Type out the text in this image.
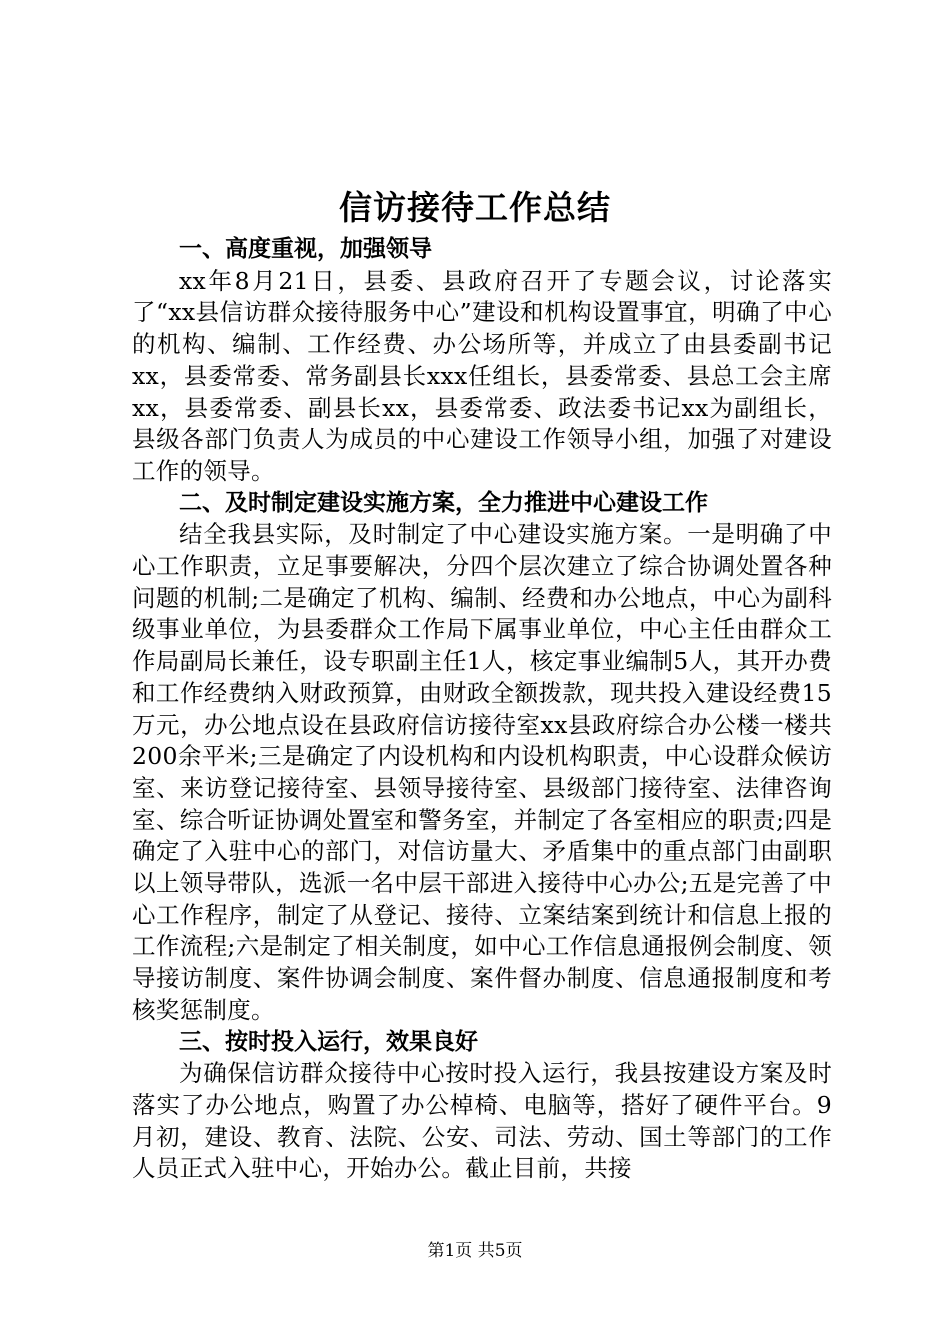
信访接待工作总结

一、高度重视，加强领导

xx年8月21日，县委、县政府召开了专题会议，讨论落实了“xx县信访群众接待服务中心”建设和机构设置事宜，明确了中心的机构、编制、工作经费、办公场所等，并成立了由县委副书记xx，县委常委、常务副县长xxx任组长，县委常委、县总工会主席xx，县委常委、副县长xx，县委常委、政法委书记xx为副组长，县级各部门负责人为成员的中心建设工作领导小组，加强了对建设工作的领导。

二、及时制定建设实施方案，全力推进中心建设工作

结全我县实际，及时制定了中心建设实施方案。一是明确了中心工作职责，立足事要解决，分四个层次建立了综合协调处置各种问题的机制;二是确定了机构、编制、经费和办公地点，中心为副科级事业单位，为县委群众工作局下属事业单位，中心主任由群众工作局副局长兼任，设专职副主任1人，核定事业编制5人，其开办费和工作经费纳入财政预算，由财政全额拨款，现共投入建设经费15万元，办公地点设在县政府信访接待室xx县政府综合办公楼一楼共200余平米;三是确定了内设机构和内设机构职责，中心设群众候访室、来访登记接待室、县领导接待室、县级部门接待室、法律咨询室、综合听证协调处置室和警务室，并制定了各室相应的职责;四是确定了入驻中心的部门，对信访量大、矛盾集中的重点部门由副职以上领导带队，选派一名中层干部进入接待中心办公;五是完善了中心工作程序，制定了从登记、接待、立案结案到统计和信息上报的工作流程;六是制定了相关制度，如中心工作信息通报例会制度、领导接访制度、案件协调会制度、案件督办制度、信息通报制度和考核奖惩制度。

三、按时投入运行，效果良好

为确保信访群众接待中心按时投入运行，我县按建设方案及时落实了办公地点，购置了办公棹椅、电脑等，搭好了硬件平台。9月初，建设、教育、法院、公安、司法、劳动、国土等部门的工作人员正式入驻中心，开始办公。截止目前，共接

第1页 共5页
